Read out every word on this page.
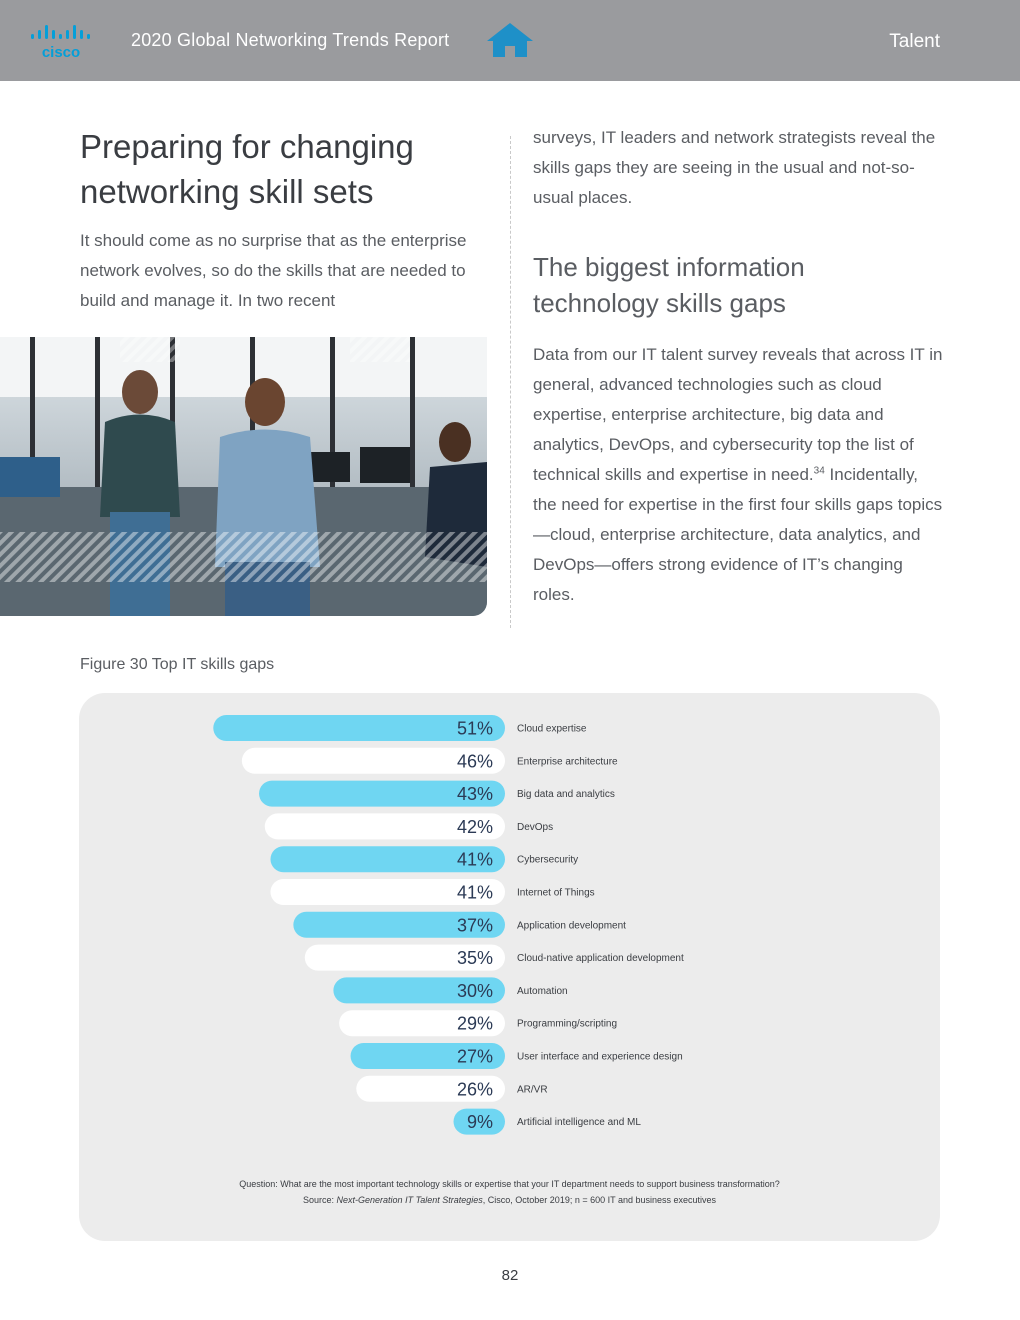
cisco
2020 Global Networking Trends Report	Talent
Preparing for changing
networking skill sets

It should come as no surprise that as the enterprise network evolves, so do the skills that are needed to build and manage it. In two recent

surveys, IT leaders and network strategists reveal the skills gaps they are seeing in the usual and not-so-usual places.

The biggest information
technology skills gaps

Data from our IT talent survey reveals that across IT in general, advanced technologies such as cloud expertise, enterprise architecture, big data and analytics, DevOps, and cybersecurity top the list of technical skills and expertise in need.$^{34}$ Incidentally, the need for expertise in the first four skills gaps topics—cloud, enterprise architecture, data analytics, and DevOps—offers strong evidence of IT’s changing roles.

Figure 30 Top IT skills gaps
51% Cloud expertise
46% Enterprise architecture
43% Big data and analytics
42% DevOps
41% Cybersecurity
41% Internet of Things
37% Application development
35% Cloud-native application development
30% Automation
29% Programming/scripting
27% User interface and experience design
26% AR/VR
9% Artificial intelligence and ML
Question: What are the most important technology skills or expertise that your IT department needs to support business transformation?
Source: Next-Generation IT Talent Strategies, Cisco, October 2019; n = 600 IT and business executives
82
